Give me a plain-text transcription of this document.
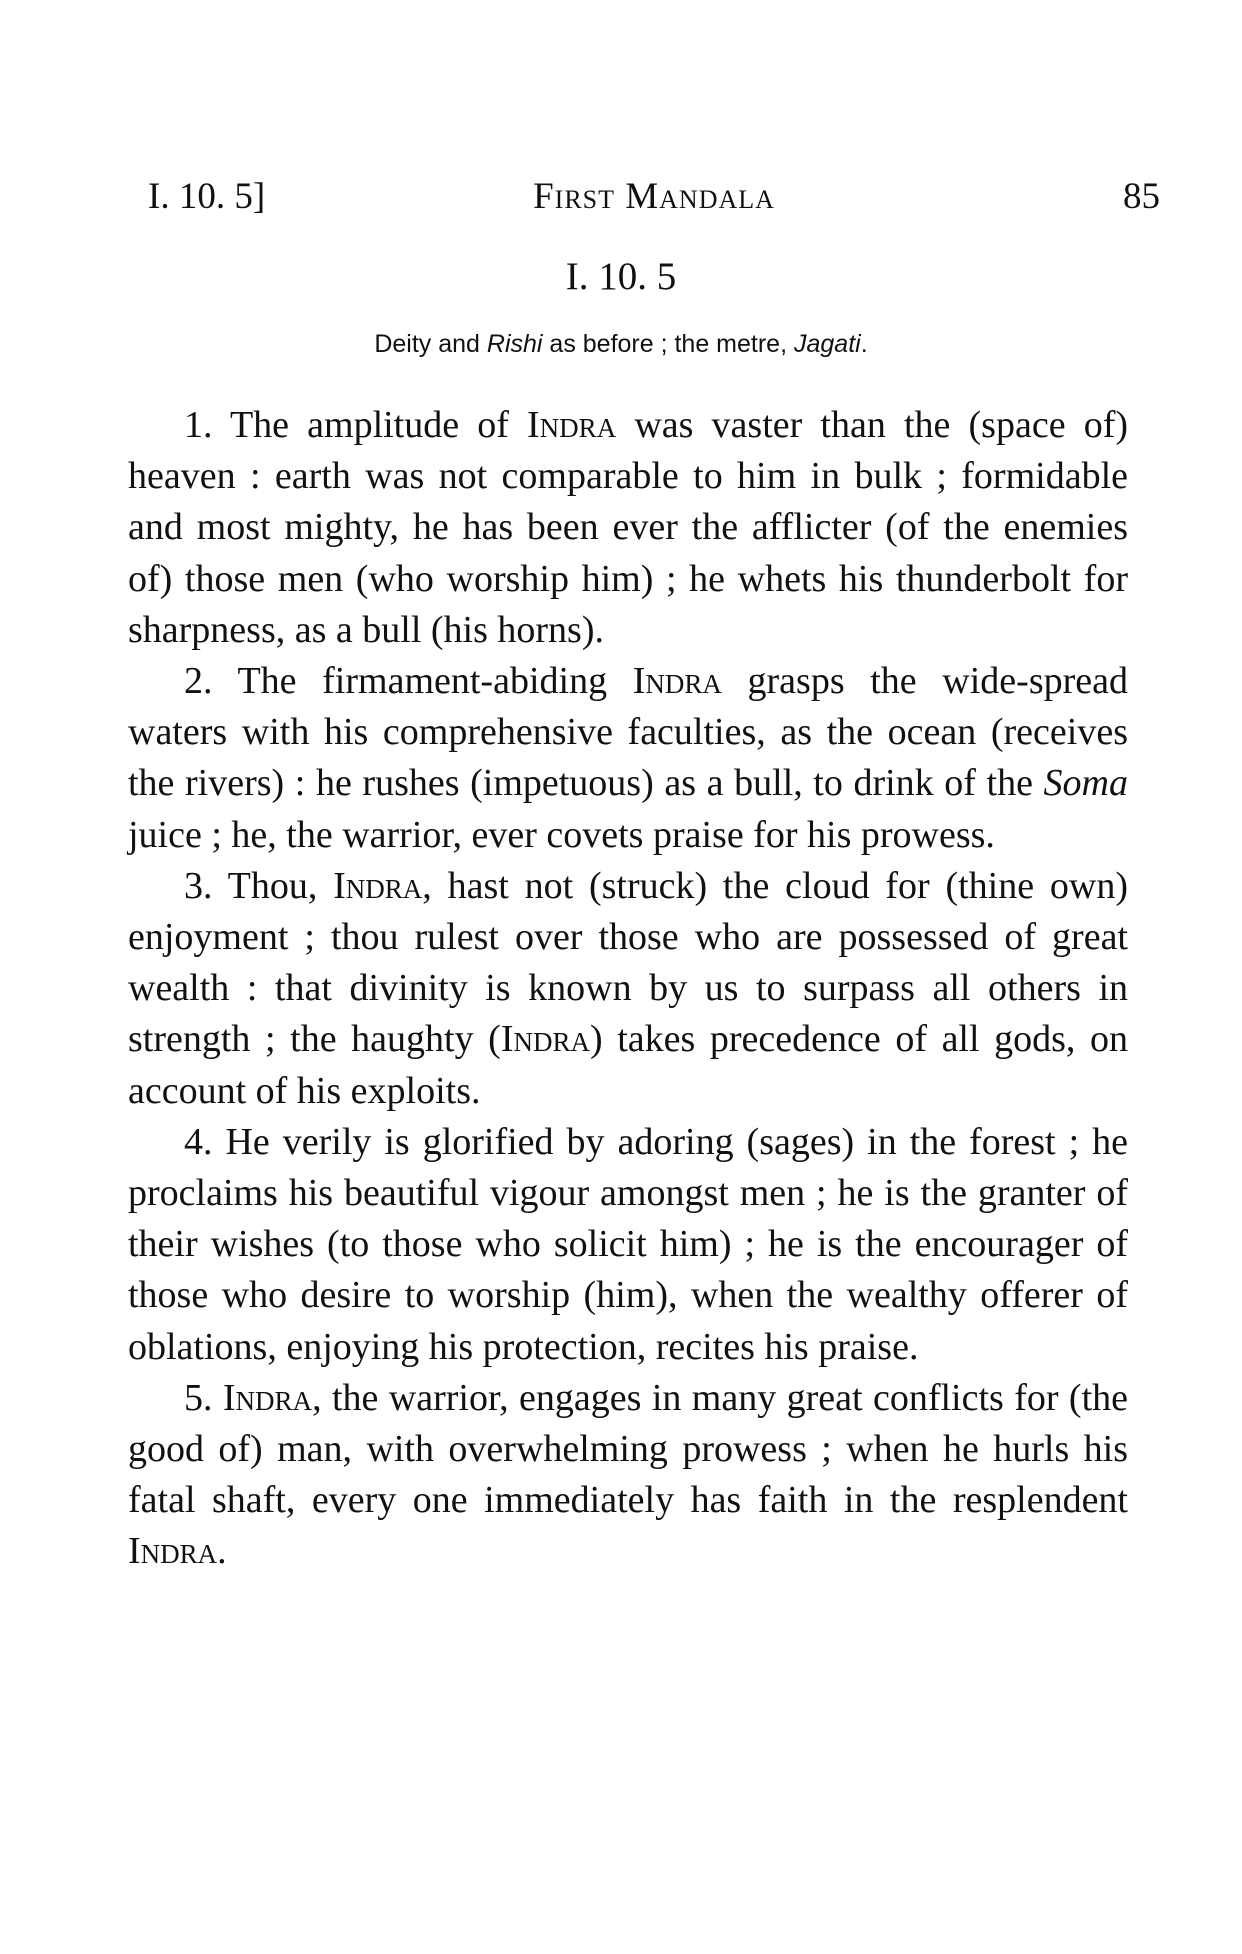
I. 10. 5]	First Mandala	85
I. 10. 5
Deity and Rishi as before ; the metre, Jagati.

1. The amplitude of Indra was vaster than the (space of) heaven : earth was not comparable to him in bulk ; formidable and most mighty, he has been ever the afflicter (of the enemies of) those men (who worship him) ; he whets his thunderbolt for sharpness, as a bull (his horns).

2. The firmament-abiding Indra grasps the wide-spread waters with his comprehensive faculties, as the ocean (receives the rivers) : he rushes (impetuous) as a bull, to drink of the Soma juice ; he, the warrior, ever covets praise for his prowess.

3. Thou, Indra, hast not (struck) the cloud for (thine own) enjoyment ; thou rulest over those who are possessed of great wealth : that divinity is known by us to surpass all others in strength ; the haughty (Indra) takes precedence of all gods, on account of his exploits.

4. He verily is glorified by adoring (sages) in the forest ; he proclaims his beautiful vigour amongst men ; he is the granter of their wishes (to those who solicit him) ; he is the encourager of those who desire to worship (him), when the wealthy offerer of oblations, enjoying his protection, recites his praise.

5. Indra, the warrior, engages in many great conflicts for (the good of) man, with overwhelming prowess ; when he hurls his fatal shaft, every one immediately has faith in the resplendent Indra.
